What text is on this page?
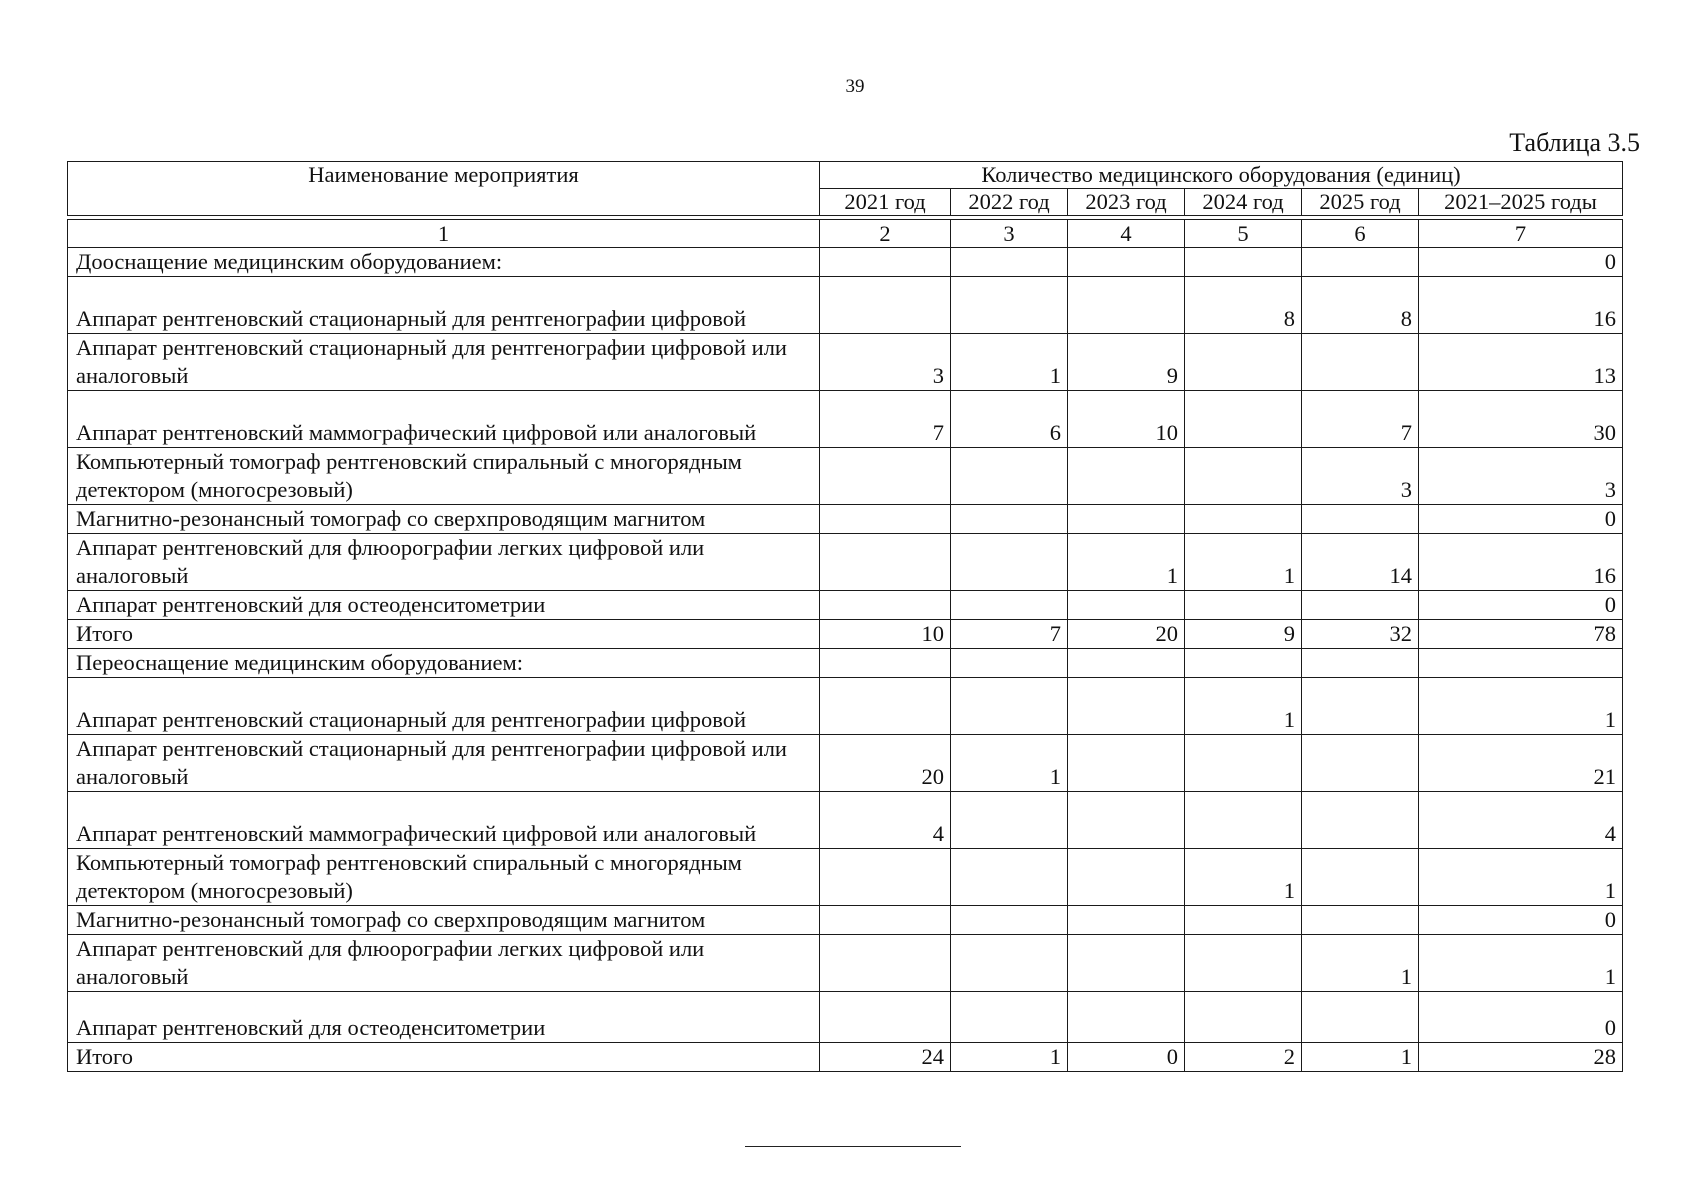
39
Таблица 3.5
Наименование мероприятия	Количество медицинского оборудования (единиц)					
	2021 год	2022 год	2023 год	2024 год	2025 год	2021–2025 годы

1	2	3	4	5	6	7
Дооснащение медицинским оборудованием:						0
Аппарат рентгеновский стационарный для рентгенографии цифровой				8	8	16
Аппарат рентгеновский стационарный для рентгенографии цифровой или аналоговый	3	1	9			13
Аппарат рентгеновский маммографический цифровой или аналоговый	7	6	10		7	30
Компьютерный томограф рентгеновский спиральный с многорядным детектором (многосрезовый)					3	3
Магнитно-резонансный томограф со сверхпроводящим магнитом						0
Аппарат рентгеновский для флюорографии легких цифровой или аналоговый			1	1	14	16
Аппарат рентгеновский для остеоденситометрии						0
Итого	10	7	20	9	32	78
Переоснащение медицинским оборудованием:						
Аппарат рентгеновский стационарный для рентгенографии цифровой				1		1
Аппарат рентгеновский стационарный для рентгенографии цифровой или аналоговый	20	1				21
Аппарат рентгеновский маммографический цифровой или аналоговый	4					4
Компьютерный томограф рентгеновский спиральный с многорядным детектором (многосрезовый)				1		1
Магнитно-резонансный томограф со сверхпроводящим магнитом						0
Аппарат рентгеновский для флюорографии легких цифровой или аналоговый					1	1
Аппарат рентгеновский для остеоденситометрии						0
Итого	24	1	0	2	1	28
